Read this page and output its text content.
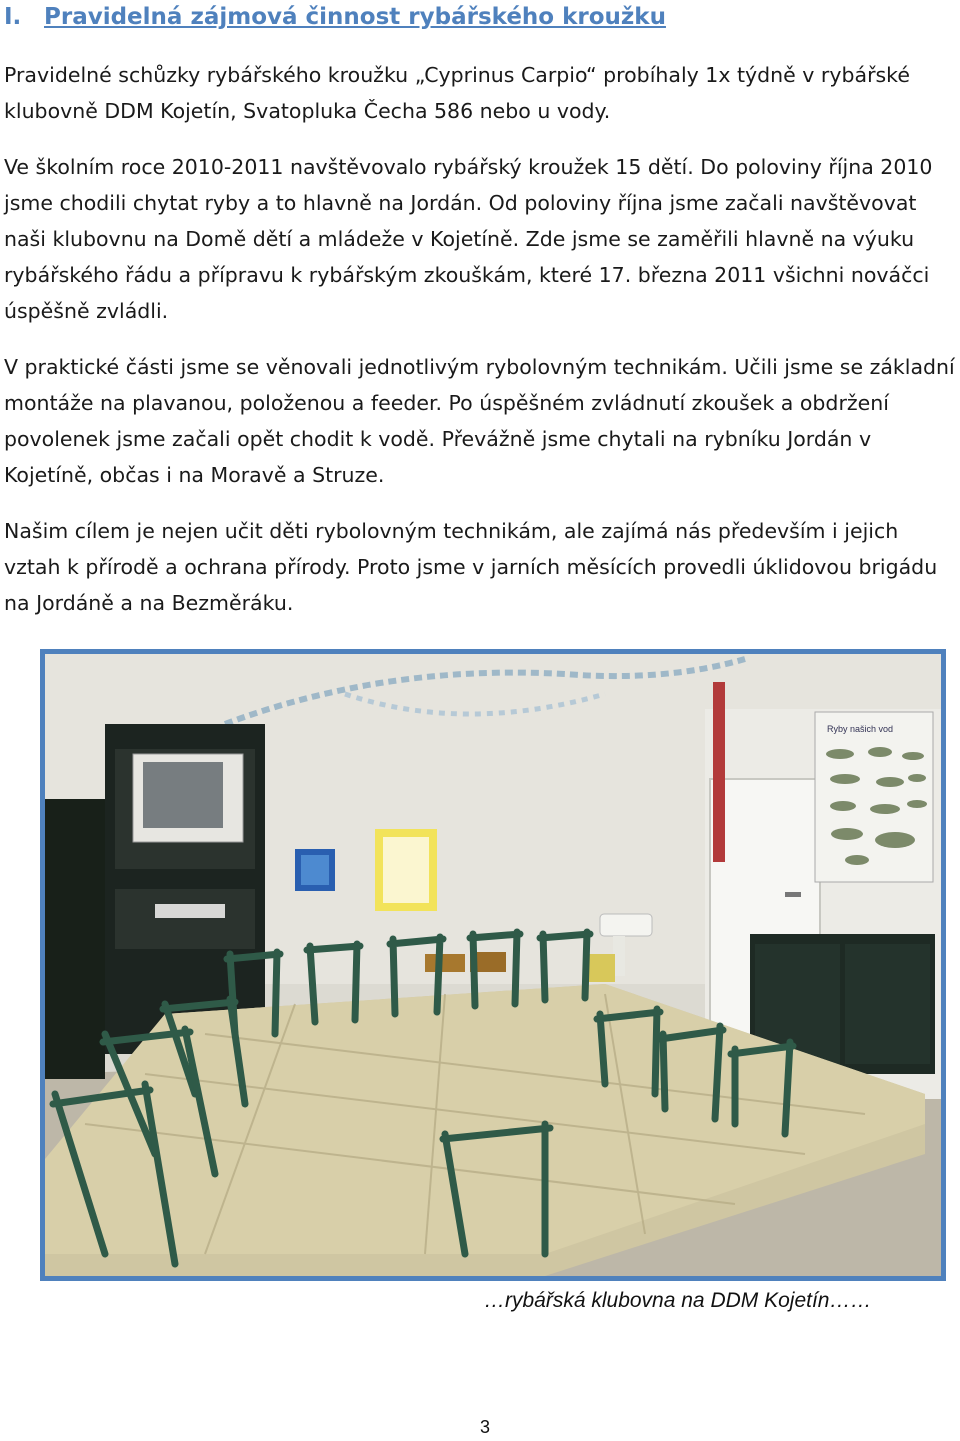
I. Pravidelná zájmová činnost rybářského kroužku

Pravidelné schůzky rybářského kroužku „Cyprinus Carpio“ probíhaly 1x týdně v rybářské klubovně DDM Kojetín, Svatopluka Čecha 586 nebo u vody.

Ve školním roce 2010-2011 navštěvovalo rybářský kroužek 15 dětí. Do poloviny října 2010 jsme chodili chytat ryby a to hlavně na Jordán. Od poloviny října jsme začali navštěvovat naši klubovnu na Domě dětí a mládeže v Kojetíně. Zde jsme se zaměřili hlavně na výuku rybářského řádu a přípravu k rybářským zkouškám, které 17. března 2011 všichni nováčci úspěšně zvládli.

V praktické části jsme se věnovali jednotlivým rybolovným technikám. Učili jsme se základní montáže na plavanou, položenou a feeder. Po úspěšném zvládnutí zkoušek a obdržení povolenek jsme začali opět chodit k vodě. Převážně jsme chytali na rybníku Jordán v Kojetíně, občas i na Moravě a Struze.

Našim cílem je nejen učit děti rybolovným technikám, ale zajímá nás především i jejich vztah k přírodě a ochrana přírody. Proto jsme v jarních měsících provedli úklidovou brigádu na Jordáně a na Bezměráku.

Ryby našich vod
…rybářská klubovna na DDM Kojetín……
3
